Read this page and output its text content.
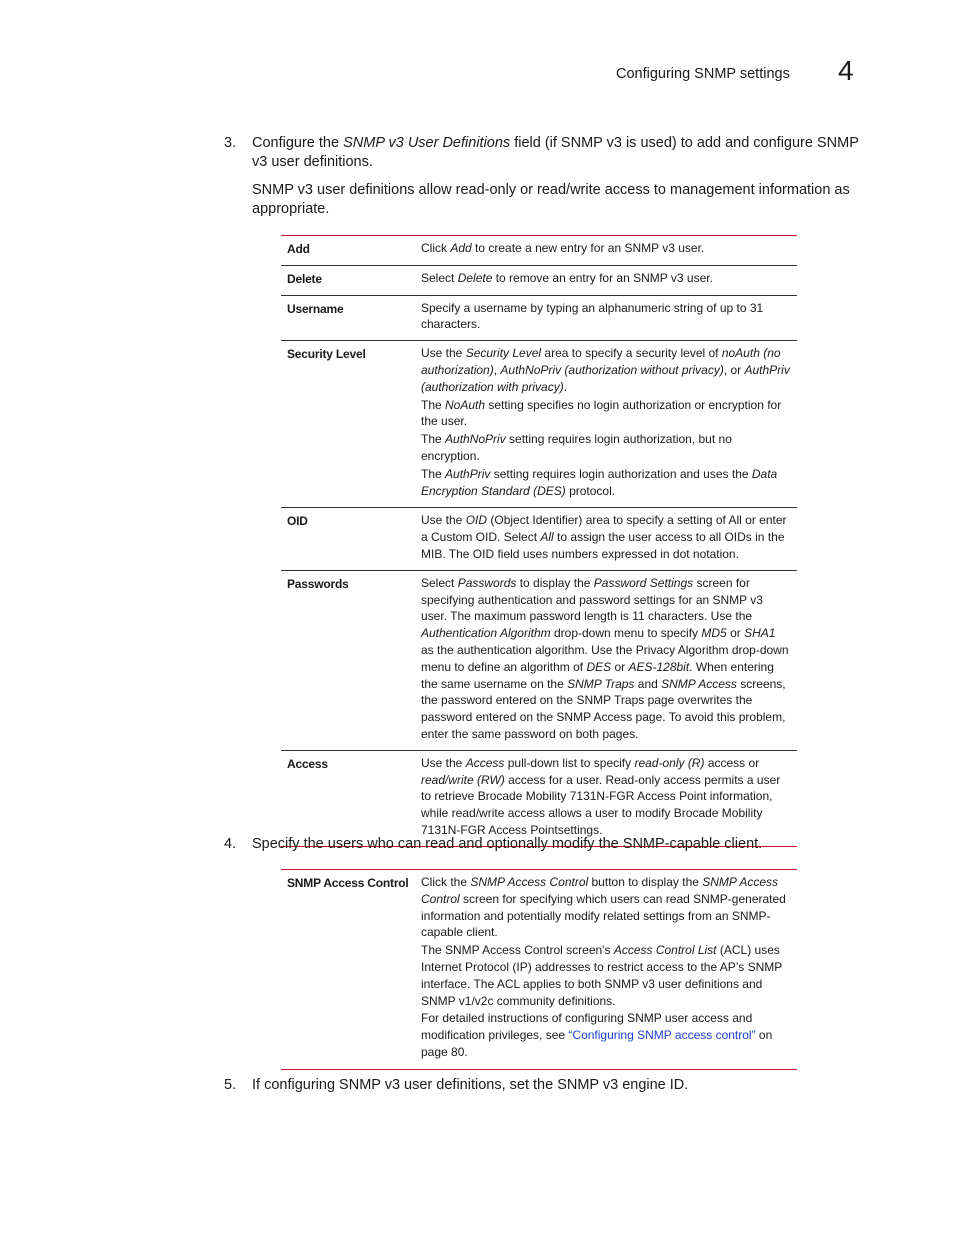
Configuring SNMP settings 4
3. Configure the SNMP v3 User Definitions field (if SNMP v3 is used) to add and configure SNMP v3 user definitions.
SNMP v3 user definitions allow read-only or read/write access to management information as appropriate.
Add	Click Add to create a new entry for an SNMP v3 user.
Delete	Select Delete to remove an entry for an SNMP v3 user.
Username	Specify a username by typing an alphanumeric string of up to 31 characters.
Security Level	Use the Security Level area to specify a security level of noAuth (no authorization), AuthNoPriv (authorization without privacy), or AuthPriv (authorization with privacy).

The NoAuth setting specifies no login authorization or encryption for the user.

The AuthNoPriv setting requires login authorization, but no encryption.

The AuthPriv setting requires login authorization and uses the Data Encryption Standard (DES) protocol.

OID	Use the OID (Object Identifier) area to specify a setting of All or enter a Custom OID. Select All to assign the user access to all OIDs in the MIB. The OID field uses numbers expressed in dot notation.
Passwords	Select Passwords to display the Password Settings screen for specifying authentication and password settings for an SNMP v3 user. The maximum password length is 11 characters. Use the Authentication Algorithm drop-down menu to specify MD5 or SHA1 as the authentication algorithm. Use the Privacy Algorithm drop-down menu to define an algorithm of DES or AES-128bit. When entering the same username on the SNMP Traps and SNMP Access screens, the password entered on the SNMP Traps page overwrites the password entered on the SNMP Access page. To avoid this problem, enter the same password on both pages.
Access	Use the Access pull-down list to specify read-only (R) access or read/write (RW) access for a user. Read-only access permits a user to retrieve Brocade Mobility 7131N-FGR Access Point information, while read/write access allows a user to modify Brocade Mobility 7131N-FGR Access Pointsettings.
4. Specify the users who can read and optionally modify the SNMP-capable client.
SNMP Access Control	Click the SNMP Access Control button to display the SNMP Access Control screen for specifying which users can read SNMP-generated information and potentially modify related settings from an SNMP-capable client.

The SNMP Access Control screen's Access Control List (ACL) uses Internet Protocol (IP) addresses to restrict access to the AP’s SNMP interface. The ACL applies to both SNMP v3 user definitions and SNMP v1/v2c community definitions.

For detailed instructions of configuring SNMP user access and modification privileges, see “Configuring SNMP access control” on page 80.

5. If configuring SNMP v3 user definitions, set the SNMP v3 engine ID.
